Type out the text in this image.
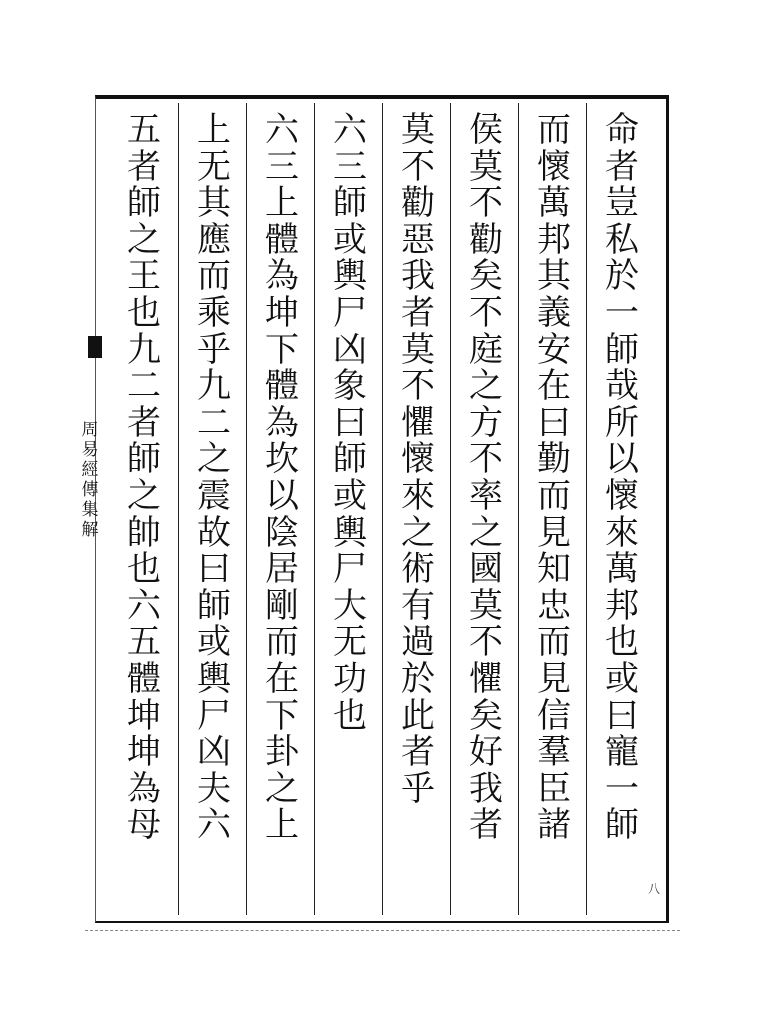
命
者
豈
私
於
一
師
哉
所
以
懷
來
萬
邦
也
或
曰
寵
一
師
而
懷
萬
邦
其
義
安
在
曰
勤
而
見
知
忠
而
見
信
羣
臣
諸
侯
莫
不
勸
矣
不
庭
之
方
不
率
之
國
莫
不
懼
矣
好
我
者
莫
不
勸
惡
我
者
莫
不
懼
懷
來
之
術
有
過
於
此
者
乎
六
三
師
或
輿
尸
凶
象
曰
師
或
輿
尸
大
无
功
也
六
三
上
體
為
坤
下
體
為
坎
以
陰
居
剛
而
在
下
卦
之
上
上
无
其
應
而
乘
乎
九
二
之
震
故
曰
師
或
輿
尸
凶
夫
六
五
者
師
之
王
也
九
二
者
師
之
帥
也
六
五
體
坤
坤
為
母
周
易
經
傳
集
解
八
